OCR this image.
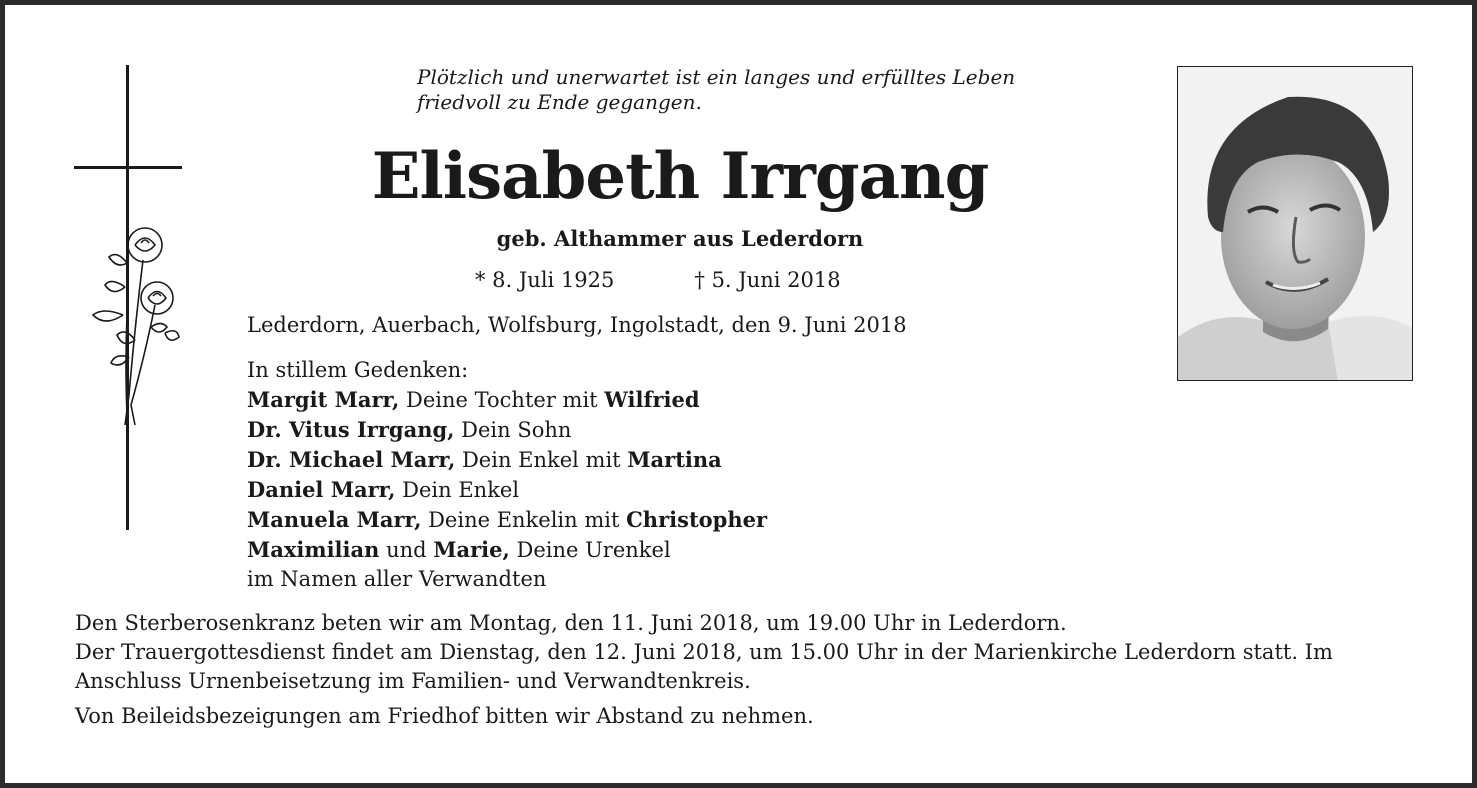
Plötzlich und unerwartet ist ein langes und erfülltes Leben
friedvoll zu Ende gegangen.
Elisabeth Irrgang
geb. Althammer aus Lederdorn
* 8. Juli 1925	† 5. Juni 2018
Lederdorn, Auerbach, Wolfsburg, Ingolstadt, den 9. Juni 2018
In stillem Gedenken:
Margit Marr, Deine Tochter mit Wilfried
Dr. Vitus Irrgang, Dein Sohn
Dr. Michael Marr, Dein Enkel mit Martina
Daniel Marr, Dein Enkel
Manuela Marr, Deine Enkelin mit Christopher
Maximilian und Marie, Deine Urenkel
im Namen aller Verwandten
Den Sterberosenkranz beten wir am Montag, den 11. Juni 2018, um 19.00 Uhr in Lederdorn.
Der Trauergottesdienst findet am Dienstag, den 12. Juni 2018, um 15.00 Uhr in der Marienkirche Lederdorn statt. Im Anschluss Urnenbeisetzung im Familien- und Verwandtenkreis.
Von Beileidsbezeigungen am Friedhof bitten wir Abstand zu nehmen.
